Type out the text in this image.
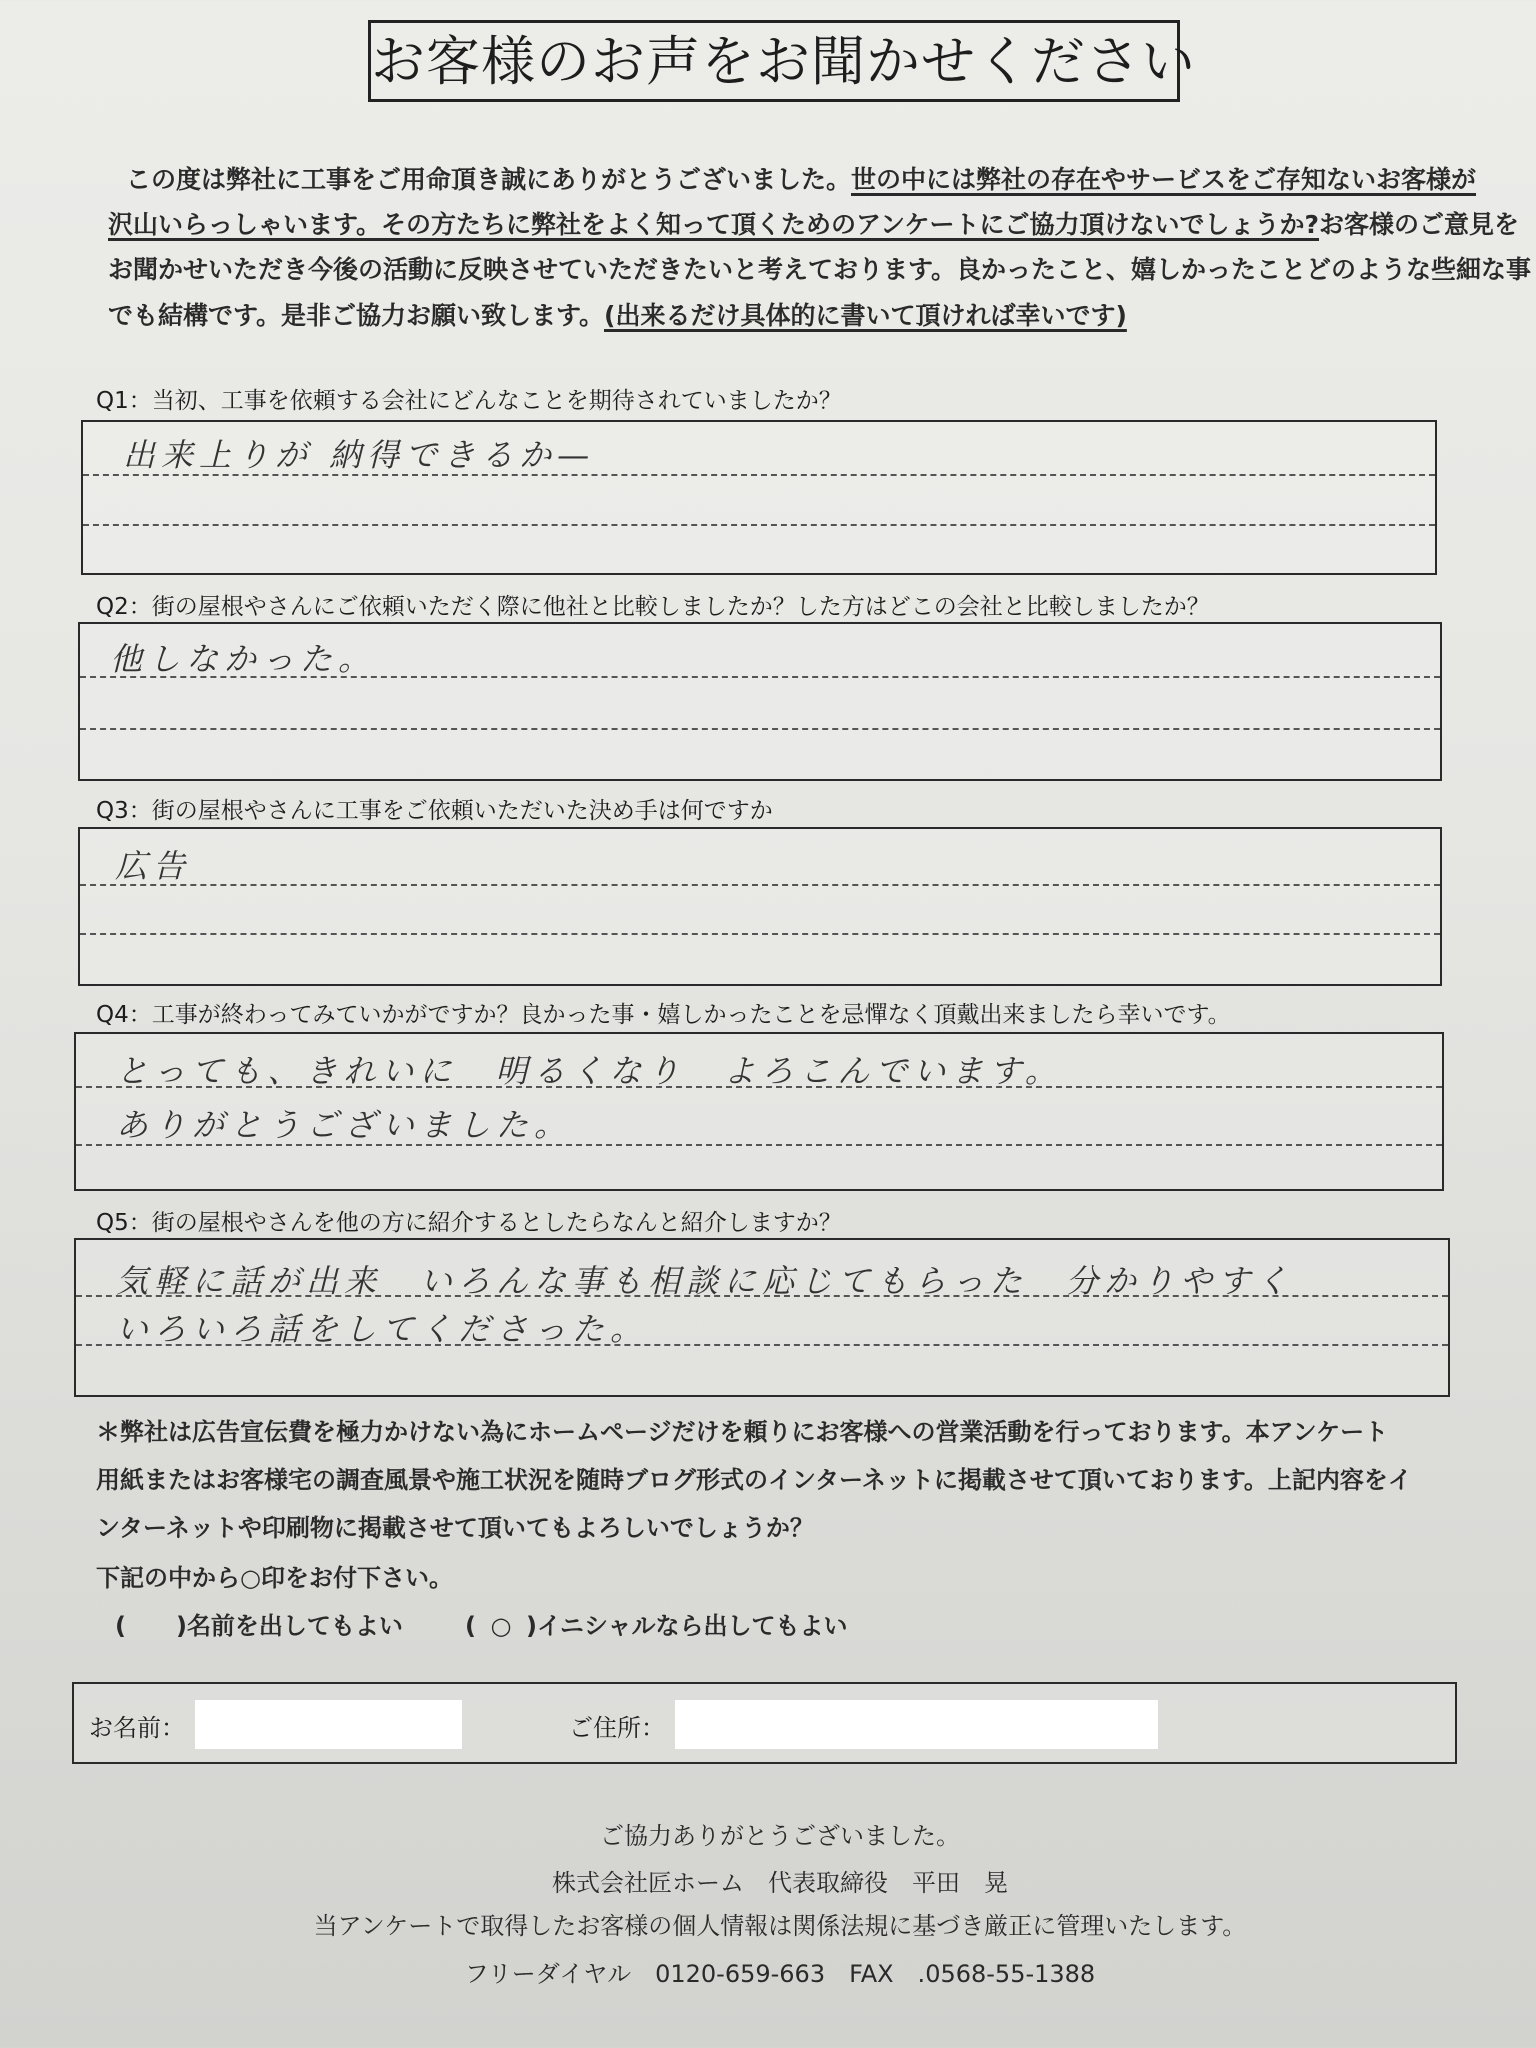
お客様のお声をお聞かせください
この度は弊社に工事をご用命頂き誠にありがとうございました。世の中には弊社の存在やサービスをご存知ないお客様が
沢山いらっしゃいます。その方たちに弊社をよく知って頂くためのアンケートにご協力頂けないでしょうか?お客様のご意見を
お聞かせいただき今後の活動に反映させていただきたいと考えております。良かったこと、嬉しかったことどのような些細な事
でも結構です。是非ご協力お願い致します。(出来るだけ具体的に書いて頂ければ幸いです)
Q1：当初、工事を依頼する会社にどんなことを期待されていましたか？
出来上りが 納得できるか—
Q2：街の屋根やさんにご依頼いただく際に他社と比較しましたか？した方はどこの会社と比較しましたか？
他しなかった。
Q3：街の屋根やさんに工事をご依頼いただいた決め手は何ですか
広告
Q4：工事が終わってみていかがですか？良かった事・嬉しかったことを忌憚なく頂戴出来ましたら幸いです。
とっても、きれいに　明るくなり　よろこんでいます。
ありがとうございました。
Q5：街の屋根やさんを他の方に紹介するとしたらなんと紹介しますか？
気軽に話が出来　いろんな事も相談に応じてもらった　分かりやすく
いろいろ話をしてくださった。
＊弊社は広告宣伝費を極力かけない為にホームページだけを頼りにお客様への営業活動を行っております。本アンケート
用紙またはお客様宅の調査風景や施工状況を随時ブログ形式のインターネットに掲載させて頂いております。上記内容をイ
ンターネットや印刷物に掲載させて頂いてもよろしいでしょうか？
下記の中から○印をお付下さい。
( )名前を出してもよい	( ○ )イニシャルなら出してもよい
お名前：	ご住所：
ご協力ありがとうございました。
株式会社匠ホーム　代表取締役　平田　晃
当アンケートで取得したお客様の個人情報は関係法規に基づき厳正に管理いたします。
フリーダイヤル　0120-659-663　FAX　.0568-55-1388
